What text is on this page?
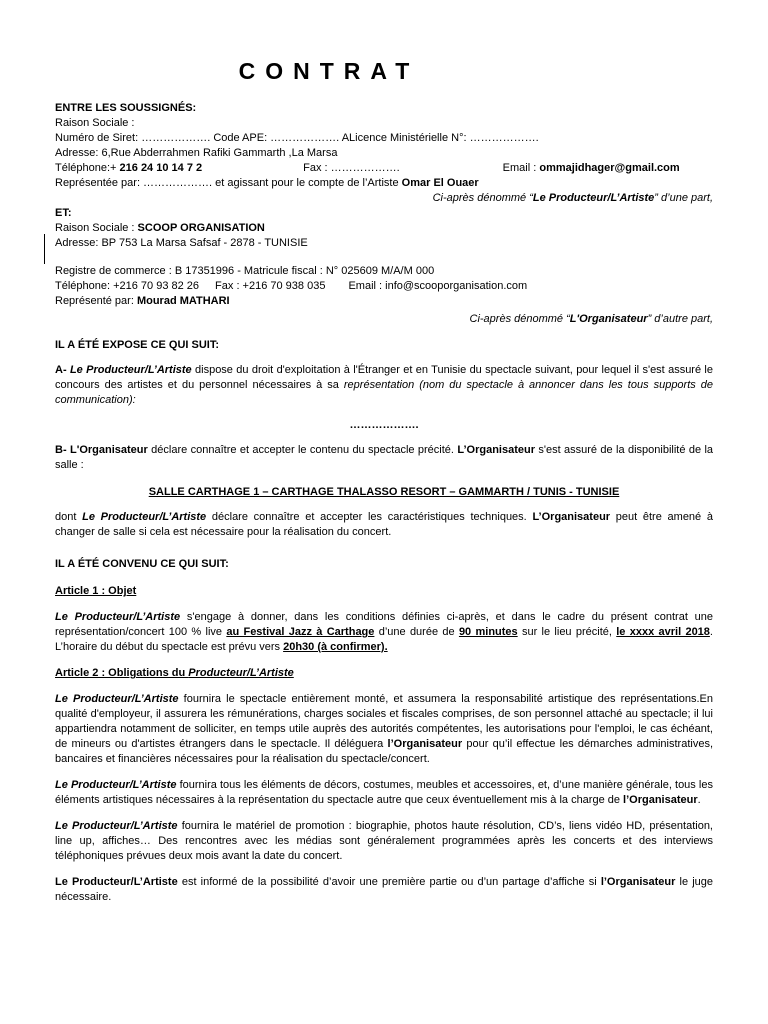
CONTRAT
ENTRE LES SOUSSIGNÉS:
Raison Sociale :
Numéro de Siret: ………………. Code APE: ………………. ALicence Ministérielle N°: ……………….
Adresse: 6,Rue Abderrahmen Rafiki Gammarth ,La Marsa
Téléphone:+ 216 24 10 14 7 2	Fax : ……………….	Email : ommajidhager@gmail.com
Représentée par: ………………. et agissant pour le compte de l’Artiste Omar El Ouaer
Ci-après dénommé “Le Producteur/L’Artiste” d’une part,
ET:
Raison Sociale : SCOOP ORGANISATION
Adresse: BP 753 La Marsa Safsaf - 2878 - TUNISIE
Registre de commerce : B 17351996 - Matricule fiscal : N° 025609 M/A/M 000
Téléphone: +216 70 93 82 26 Fax : +216 70 938 035 Email : info@scooporganisation.com
Représenté par: Mourad MATHARI
Ci-après dénommé “L'Organisateur” d’autre part,
IL A ÉTÉ EXPOSE CE QUI SUIT:
A- Le Producteur/L’Artiste dispose du droit d'exploitation à l'Étranger et en Tunisie du spectacle suivant, pour lequel il s'est assuré le concours des artistes et du personnel nécessaires à sa représentation (nom du spectacle à annoncer dans les tous supports de communication):
……………….
B- L'Organisateur déclare connaître et accepter le contenu du spectacle précité. L’Organisateur s'est assuré de la disponibilité de la salle :
SALLE CARTHAGE 1 – CARTHAGE THALASSO RESORT – GAMMARTH / TUNIS - TUNISIE
dont Le Producteur/L’Artiste déclare connaître et accepter les caractéristiques techniques. L’Organisateur peut être amené à changer de salle si cela est nécessaire pour la réalisation du concert.
IL A ÉTÉ CONVENU CE QUI SUIT:
Article 1 : Objet
Le Producteur/L’Artiste s'engage à donner, dans les conditions définies ci-après, et dans le cadre du présent contrat une représentation/concert 100 % live au Festival Jazz à Carthage d’une durée de 90 minutes sur le lieu précité, le xxxx avril 2018. L’horaire du début du spectacle est prévu vers 20h30 (à confirmer).
Article 2 : Obligations du Producteur/L’Artiste
Le Producteur/L’Artiste fournira le spectacle entièrement monté, et assumera la responsabilité artistique des représentations.En qualité d'employeur, il assurera les rémunérations, charges sociales et fiscales comprises, de son personnel attaché au spectacle; il lui appartiendra notamment de solliciter, en temps utile auprès des autorités compétentes, les autorisations pour l'emploi, le cas échéant, de mineurs ou d'artistes étrangers dans le spectacle. Il déléguera l’Organisateur pour qu’il effectue les démarches administratives, bancaires et financières nécessaires pour la réalisation du spectacle/concert.
Le Producteur/L’Artiste fournira tous les éléments de décors, costumes, meubles et accessoires, et, d’une manière générale, tous les éléments artistiques nécessaires à la représentation du spectacle autre que ceux éventuellement mis à la charge de l’Organisateur.
Le Producteur/L’Artiste fournira le matériel de promotion : biographie, photos haute résolution, CD’s, liens vidéo HD, présentation, line up, affiches… Des rencontres avec les médias sont généralement programmées après les concerts et des interviews téléphoniques prévues deux mois avant la date du concert.
Le Producteur/L’Artiste est informé de la possibilité d’avoir une première partie ou d’un partage d’affiche si l’Organisateur le juge nécessaire.
